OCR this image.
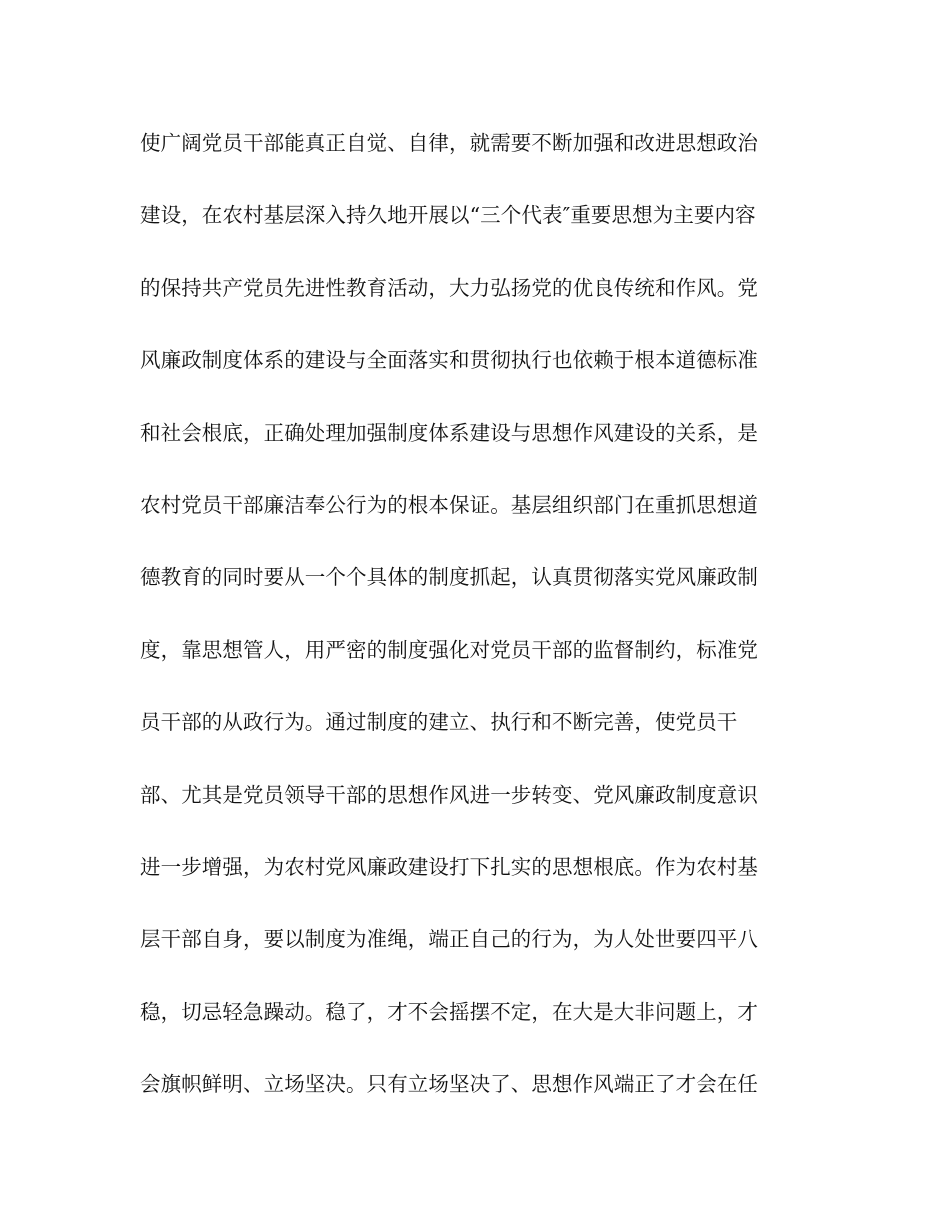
使广阔党员干部能真正自觉、自律，就需要不断加强和改进思想政治
建设，在农村基层深入持久地开展以“三个代表″重要思想为主要内容
的保持共产党员先进性教育活动，大力弘扬党的优良传统和作风。党
风廉政制度体系的建设与全面落实和贯彻执行也依赖于根本道德标准
和社会根底，正确处理加强制度体系建设与思想作风建设的关系，是
农村党员干部廉洁奉公行为的根本保证。基层组织部门在重抓思想道
德教育的同时要从一个个具体的制度抓起，认真贯彻落实党风廉政制
度，靠思想管人，用严密的制度强化对党员干部的监督制约，标准党
员干部的从政行为。通过制度的建立、执行和不断完善，使党员干
部、尤其是党员领导干部的思想作风进一步转变、党风廉政制度意识
进一步增强，为农村党风廉政建设打下扎实的思想根底。作为农村基
层干部自身，要以制度为准绳，端正自己的行为，为人处世要四平八
稳，切忌轻急躁动。稳了，才不会摇摆不定，在大是大非问题上，才
会旗帜鲜明、立场坚决。只有立场坚决了、思想作风端正了才会在任
